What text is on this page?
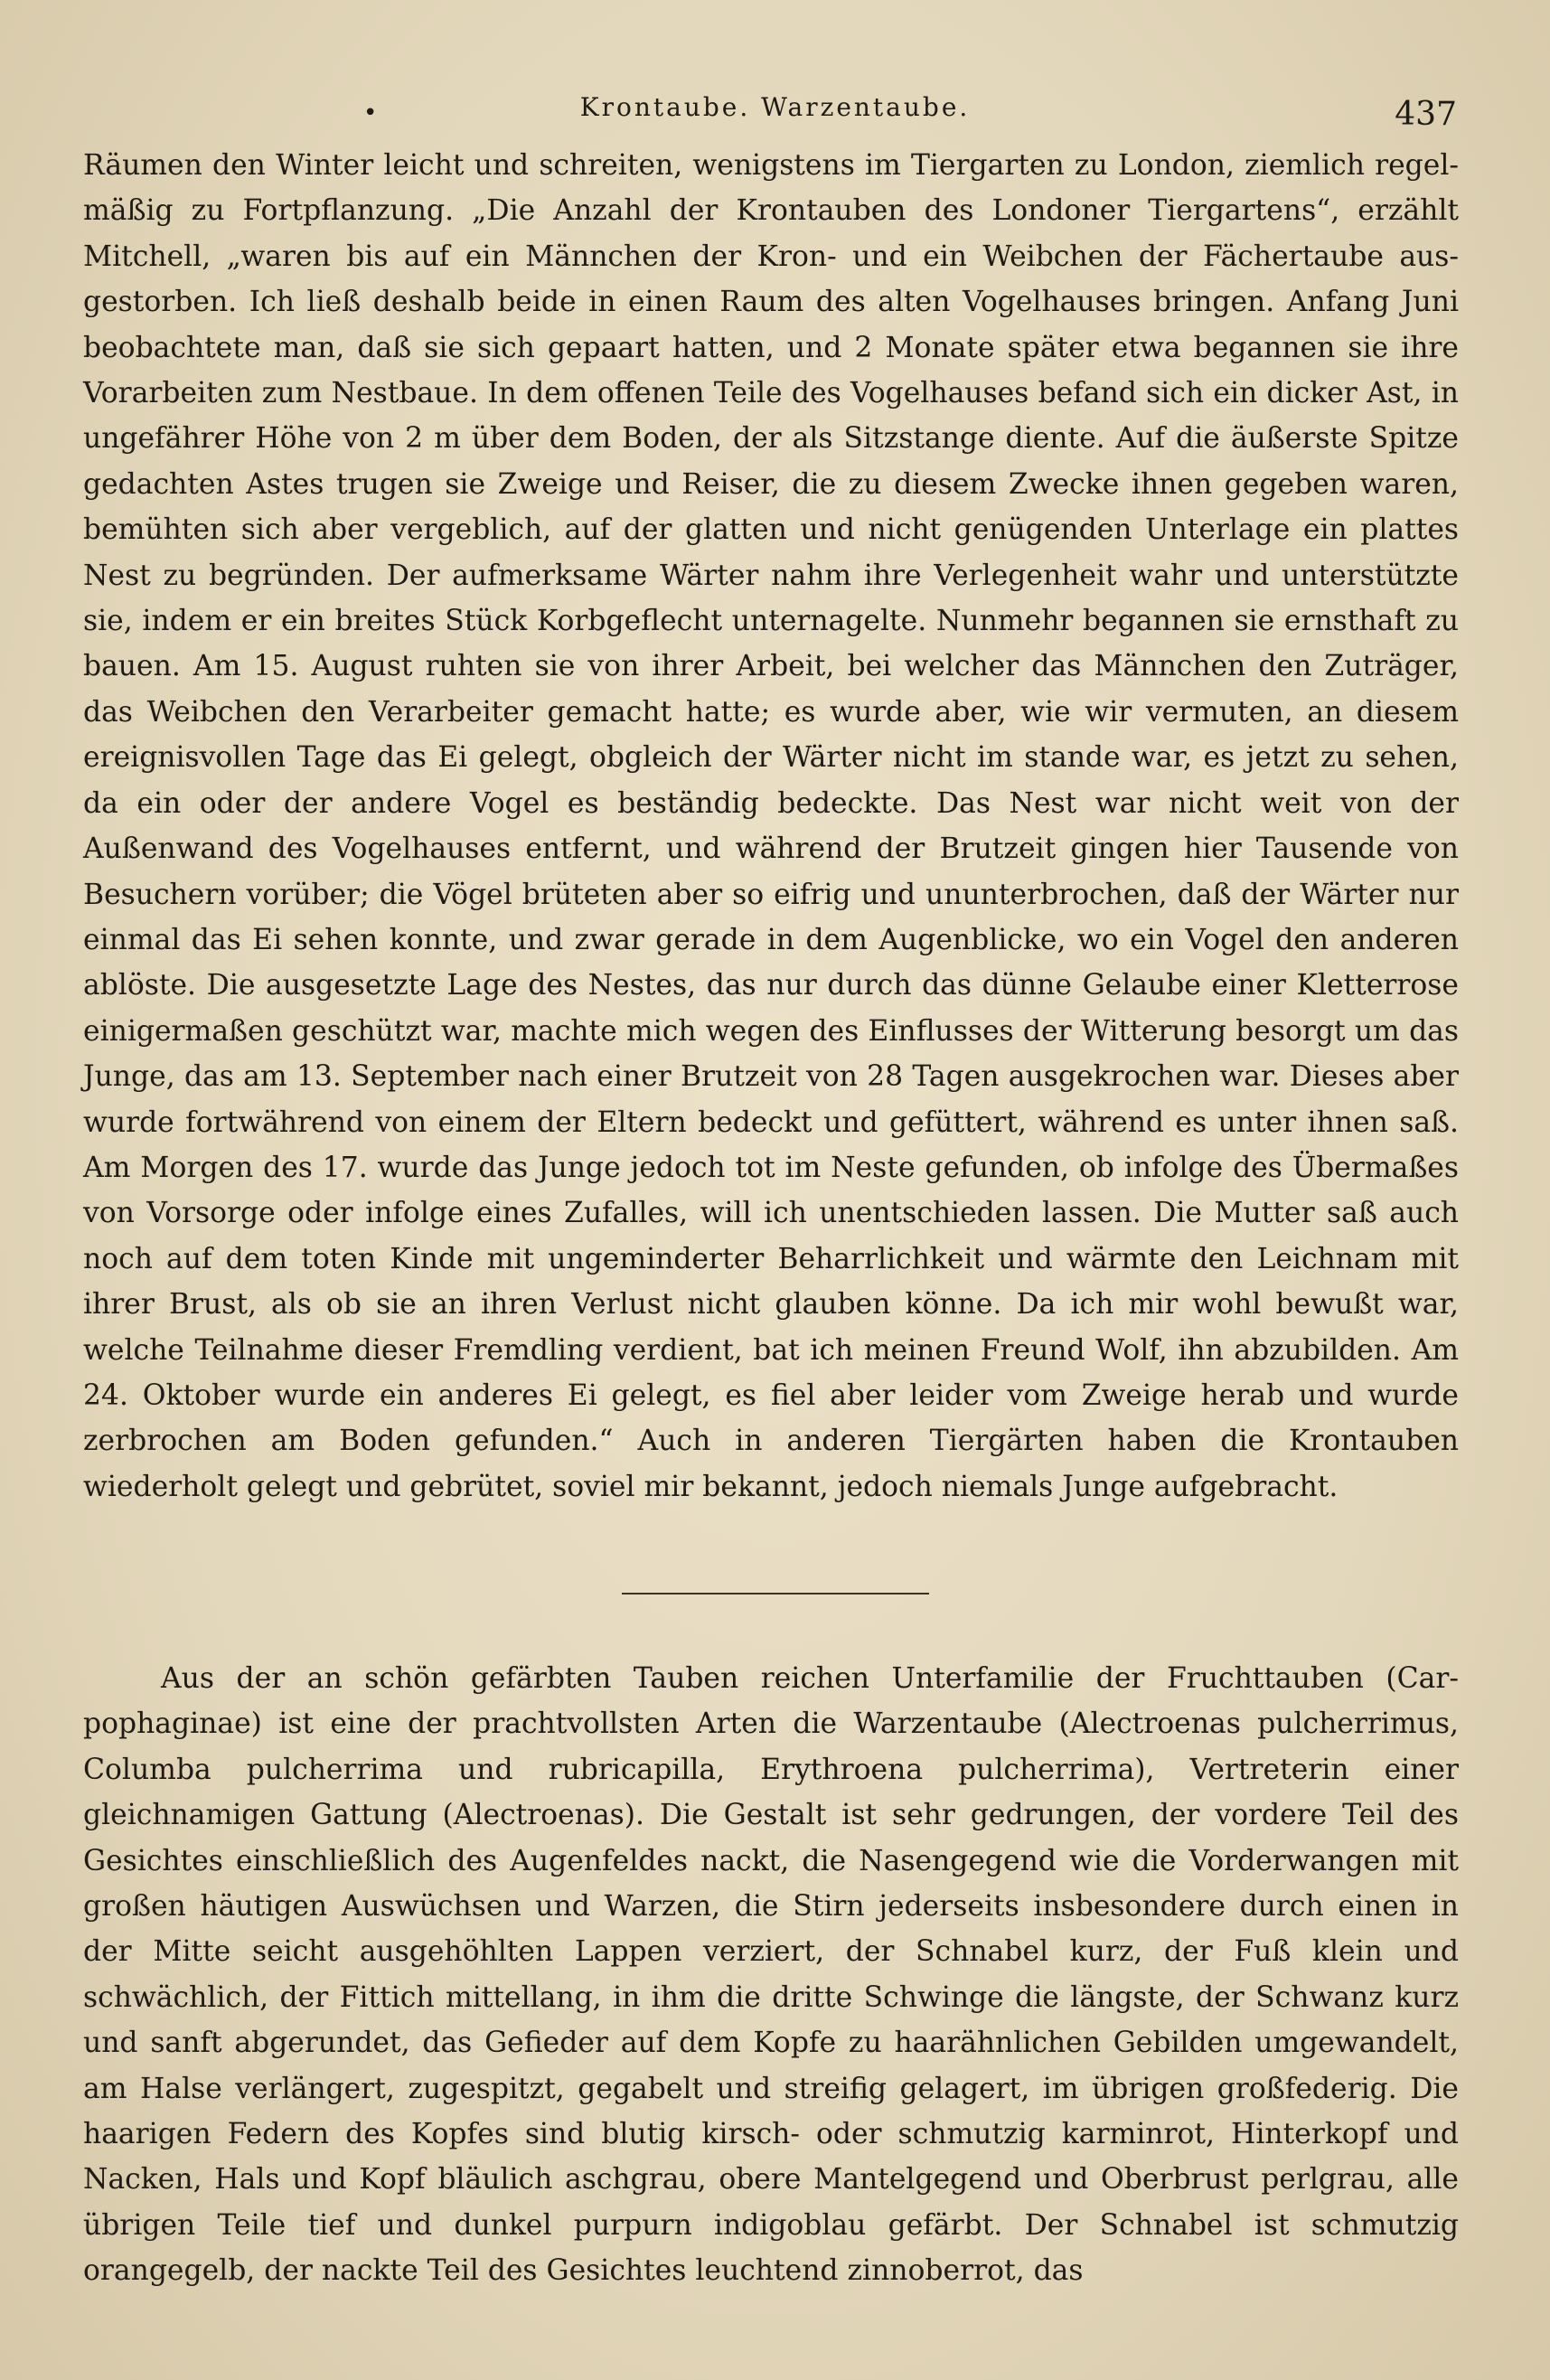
•	Krontaube. Warzentaube.	437

Räumen den Winter leicht und schreiten, wenigstens im Tiergarten zu London, ziemlich regelmäßig zu Fortpflanzung. „Die Anzahl der Krontauben des Londoner Tiergartens“, erzählt Mitchell, „waren bis auf ein Männchen der Kron- und ein Weibchen der Fächertaube ausgestorben. Ich ließ deshalb beide in einen Raum des alten Vogelhauses bringen. Anfang Juni beobachtete man, daß sie sich gepaart hatten, und 2 Monate später etwa begannen sie ihre Vorarbeiten zum Nestbaue. In dem offenen Teile des Vogelhauses befand sich ein dicker Ast, in ungefährer Höhe von 2 m über dem Boden, der als Sitzstange diente. Auf die äußerste Spitze gedachten Astes trugen sie Zweige und Reiser, die zu diesem Zwecke ihnen gegeben waren, bemühten sich aber vergeblich, auf der glatten und nicht genügenden Unterlage ein plattes Nest zu begründen. Der aufmerksame Wärter nahm ihre Verlegenheit wahr und unterstützte sie, indem er ein breites Stück Korbgeflecht unternagelte. Nunmehr begannen sie ernsthaft zu bauen. Am 15. August ruhten sie von ihrer Arbeit, bei welcher das Männchen den Zuträger, das Weibchen den Verarbeiter gemacht hatte; es wurde aber, wie wir vermuten, an diesem ereignisvollen Tage das Ei gelegt, obgleich der Wärter nicht im stande war, es jetzt zu sehen, da ein oder der andere Vogel es beständig bedeckte. Das Nest war nicht weit von der Außenwand des Vogelhauses entfernt, und während der Brutzeit gingen hier Tausende von Besuchern vorüber; die Vögel brüteten aber so eifrig und ununterbrochen, daß der Wärter nur einmal das Ei sehen konnte, und zwar gerade in dem Augenblicke, wo ein Vogel den anderen ablöste. Die ausgesetzte Lage des Nestes, das nur durch das dünne Gelaube einer Kletterrose einigermaßen geschützt war, machte mich wegen des Einflusses der Witterung besorgt um das Junge, das am 13. September nach einer Brutzeit von 28 Tagen ausgekrochen war. Dieses aber wurde fortwährend von einem der Eltern bedeckt und gefüttert, während es unter ihnen saß. Am Morgen des 17. wurde das Junge jedoch tot im Neste gefunden, ob infolge des Übermaßes von Vorsorge oder infolge eines Zufalles, will ich unentschieden lassen. Die Mutter saß auch noch auf dem toten Kinde mit ungeminderter Beharrlichkeit und wärmte den Leichnam mit ihrer Brust, als ob sie an ihren Verlust nicht glauben könne. Da ich mir wohl bewußt war, welche Teilnahme dieser Fremdling verdient, bat ich meinen Freund Wolf, ihn abzubilden. Am 24. Oktober wurde ein anderes Ei gelegt, es fiel aber leider vom Zweige herab und wurde zerbrochen am Boden gefunden.“ Auch in anderen Tiergärten haben die Krontauben wiederholt gelegt und gebrütet, soviel mir bekannt, jedoch niemals Junge aufgebracht.

Aus der an schön gefärbten Tauben reichen Unterfamilie der Fruchttauben (Carpophaginae) ist eine der prachtvollsten Arten die Warzentaube (Alectroenas pulcherrimus, Columba pulcherrima und rubricapilla, Erythroena pulcherrima), Vertreterin einer gleichnamigen Gattung (Alectroenas). Die Gestalt ist sehr gedrungen, der vordere Teil des Gesichtes einschließlich des Augenfeldes nackt, die Nasengegend wie die Vorderwangen mit großen häutigen Auswüchsen und Warzen, die Stirn jederseits insbesondere durch einen in der Mitte seicht ausgehöhlten Lappen verziert, der Schnabel kurz, der Fuß klein und schwächlich, der Fittich mittellang, in ihm die dritte Schwinge die längste, der Schwanz kurz und sanft abgerundet, das Gefieder auf dem Kopfe zu haarähnlichen Gebilden umgewandelt, am Halse verlängert, zugespitzt, gegabelt und streifig gelagert, im übrigen großfederig. Die haarigen Federn des Kopfes sind blutig kirsch- oder schmutzig karminrot, Hinterkopf und Nacken, Hals und Kopf bläulich aschgrau, obere Mantelgegend und Oberbrust perlgrau, alle übrigen Teile tief und dunkel purpurn indigoblau gefärbt. Der Schnabel ist schmutzig orangegelb, der nackte Teil des Gesichtes leuchtend zinnoberrot, das
